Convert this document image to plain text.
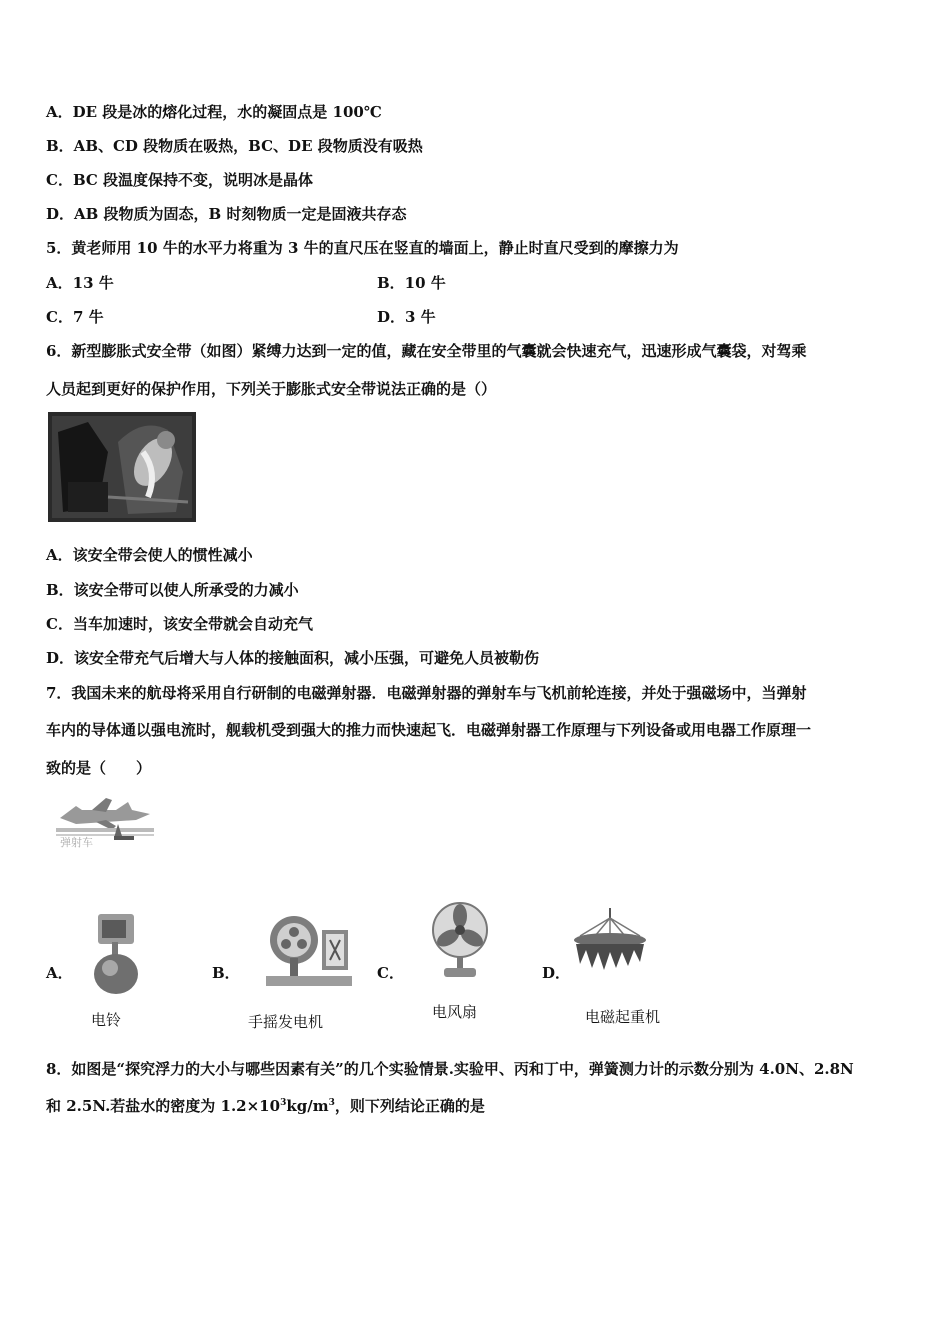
A．DE 段是冰的熔化过程，水的凝固点是 100℃
B．AB、CD 段物质在吸热，BC、DE 段物质没有吸热
C．BC 段温度保持不变，说明冰是晶体
D．AB 段物质为固态，B 时刻物质一定是固液共存态
5．黄老师用 10 牛的水平力将重为 3 牛的直尺压在竖直的墙面上，静止时直尺受到的摩擦力为
A．13 牛	B．10 牛
C．7 牛	D．3 牛
6．新型膨胀式安全带（如图）紧缚力达到一定的值，藏在安全带里的气囊就会快速充气，迅速形成气囊袋，对驾乘
人员起到更好的保护作用，下列关于膨胀式安全带说法正确的是（）
A．该安全带会使人的惯性减小
B．该安全带可以使人所承受的力减小
C．当车加速时，该安全带就会自动充气
D．该安全带充气后增大与人体的接触面积，减小压强，可避免人员被勒伤
7．我国未来的航母将采用自行研制的电磁弹射器．电磁弹射器的弹射车与飞机前轮连接，并处于强磁场中，当弹射
车内的导体通以强电流时，舰载机受到强大的推力而快速起飞．电磁弹射器工作原理与下列设备或用电器工作原理一
致的是（　　）
弹射车
A．
电铃
B．
手摇发电机
C．
电风扇
D．
电磁起重机
8．如图是“探究浮力的大小与哪些因素有关”的几个实验情景.实验甲、丙和丁中，弹簧测力计的示数分别为 4.0N、2.8N
和 2.5N.若盐水的密度为 $1.2\times 10^3kg/m^3$，则下列结论正确的是
